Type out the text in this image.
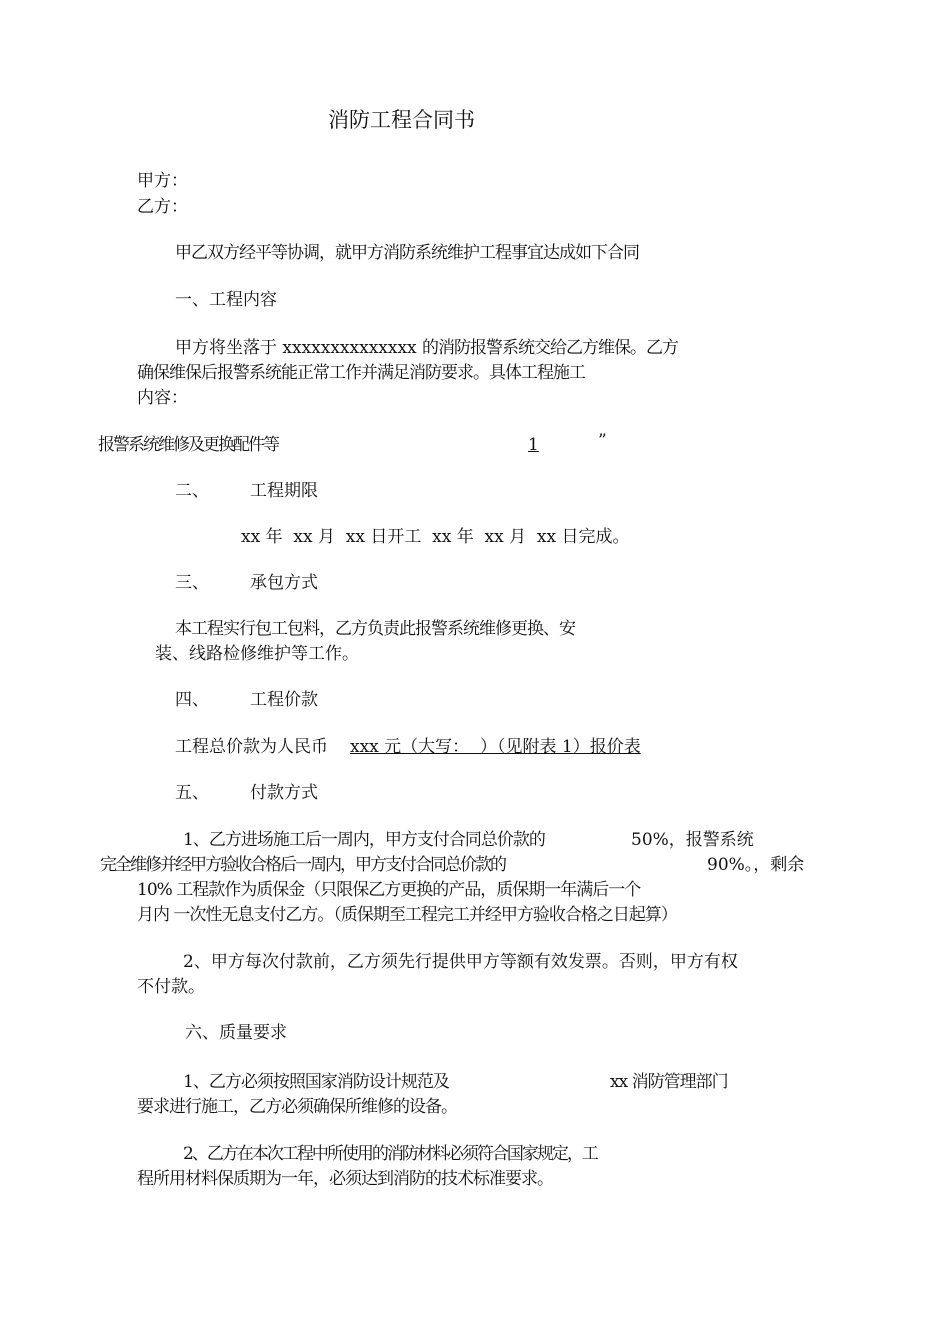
消防工程合同书
甲方：
乙方：
甲乙双方经平等协调，就甲方消防系统维护工程事宜达成如下合同
一、工程内容
甲方将坐落于 xxxxxxxxxxxxxx 的消防报警系统交给乙方维保。乙方
确保维保后报警系统能正常工作并满足消防要求。具体工程施工
内容：
报警系统维修及更换配件等	1	”
二、 工程期限
xx 年  xx 月  xx 日开工  xx 年  xx 月  xx 日完成。
三、 承包方式
本工程实行包工包料，乙方负责此报警系统维修更换、安
装、线路检修维护等工作。
四、 工程价款
工程总价款为人民币 xxx 元（大写：  ）（见附表 1）报价表
五、 付款方式
1、乙方进场施工后一周内，甲方支付合同总价款的	50%，报警系统
完全维修并经甲方验收合格后一周内，甲方支付合同总价款的	90%。，剩余
10% 工程款作为质保金（只限保乙方更换的产品，质保期一年满后一个
月内 一次性无息支付乙方。（质保期至工程完工并经甲方验收合格之日起算）
2、甲方每次付款前，乙方须先行提供甲方等额有效发票。否则，甲方有权
不付款。
六、质量要求
1、乙方必须按照国家消防设计规范及	xx 消防管理部门
要求进行施工，乙方必须确保所维修的设备。
2、乙方在本次工程中所使用的消防材料必须符合国家规定，工
程所用材料保质期为一年，必须达到消防的技术标准要求。
